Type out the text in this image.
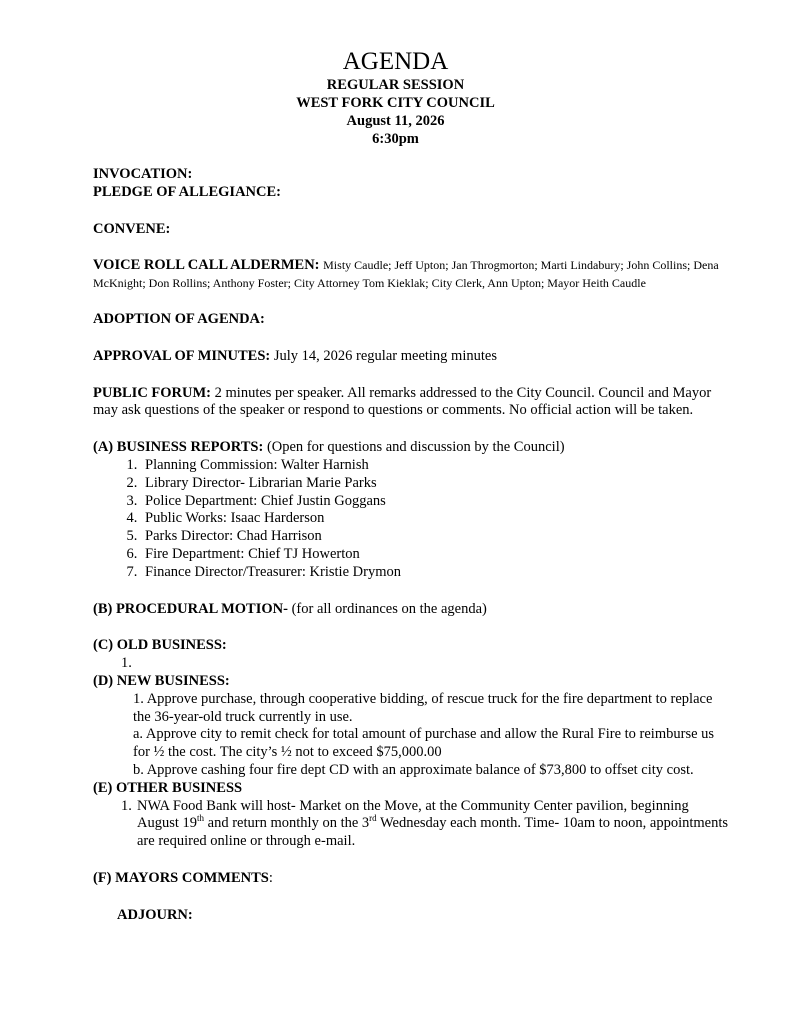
AGENDA
REGULAR SESSION
WEST FORK CITY COUNCIL
August 11, 2026
6:30pm

INVOCATION:

PLEDGE OF ALLEGIANCE:

CONVENE:

VOICE ROLL CALL ALDERMEN: Misty Caudle; Jeff Upton; Jan Throgmorton; Marti Lindabury; John Collins; Dena McKnight; Don Rollins; Anthony Foster; City Attorney Tom Kieklak; City Clerk, Ann Upton; Mayor Heith Caudle

ADOPTION OF AGENDA:

APPROVAL OF MINUTES: July 14, 2026 regular meeting minutes

PUBLIC FORUM: 2 minutes per speaker. All remarks addressed to the City Council. Council and Mayor may ask questions of the speaker or respond to questions or comments. No official action will be taken.

(A) BUSINESS REPORTS: (Open for questions and discussion by the Council)

1. Planning Commission: Walter Harnish
2. Library Director- Librarian Marie Parks
3. Police Department: Chief Justin Goggans
4. Public Works: Isaac Harderson
5. Parks Director: Chad Harrison
6. Fire Department: Chief TJ Howerton
7. Finance Director/Treasurer: Kristie Drymon

(B) PROCEDURAL MOTION- (for all ordinances on the agenda)

(C) OLD BUSINESS:

1.

(D) NEW BUSINESS:

1. Approve purchase, through cooperative bidding, of rescue truck for the fire department to replace the 36-year-old truck currently in use.

a. Approve city to remit check for total amount of purchase and allow the Rural Fire to reimburse us for ½ the cost. The city’s ½ not to exceed $75,000.00

b. Approve cashing four fire dept CD with an approximate balance of $73,800 to offset city cost.

(E) OTHER BUSINESS

1. NWA Food Bank will host- Market on the Move, at the Community Center pavilion, beginning August 19th and return monthly on the 3rd Wednesday each month. Time- 10am to noon, appointments are required online or through e-mail.

(F) MAYORS COMMENTS:

ADJOURN:
